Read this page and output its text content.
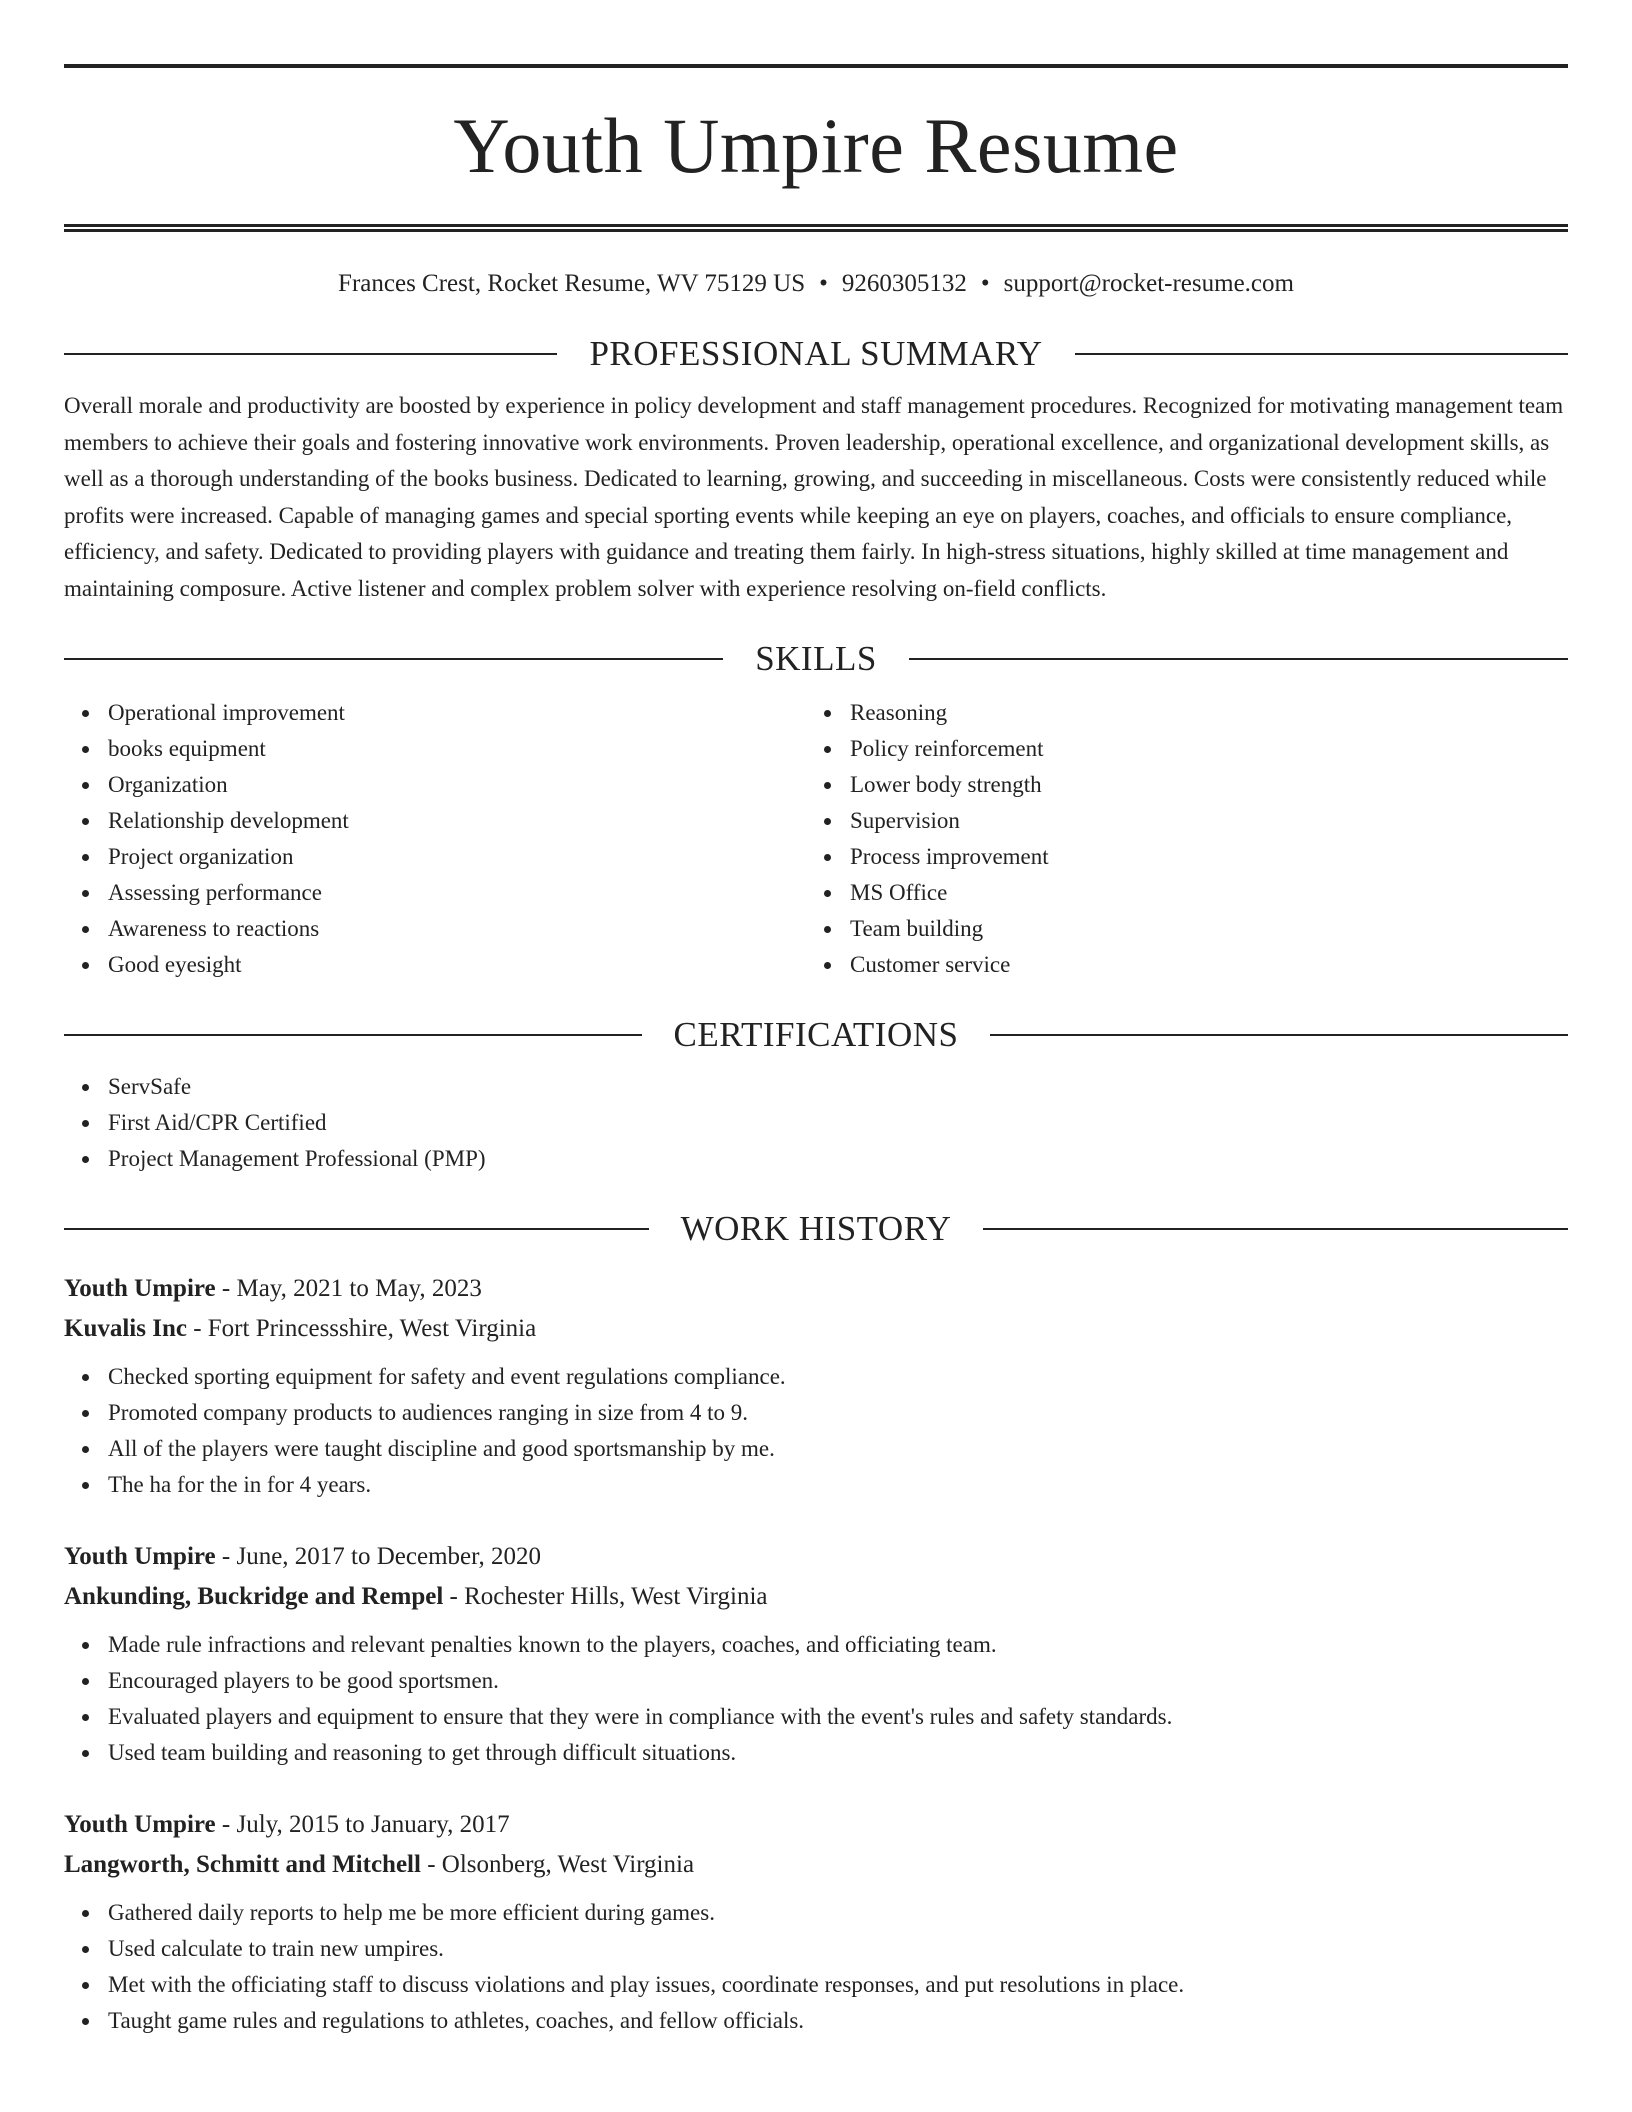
Youth Umpire Resume
Frances Crest, Rocket Resume, WV 75129 US • 9260305132 • support@rocket-resume.com
PROFESSIONAL SUMMARY

Overall morale and productivity are boosted by experience in policy development and staff management procedures. Recognized for motivating management team members to achieve their goals and fostering innovative work environments. Proven leadership, operational excellence, and organizational development skills, as well as a thorough understanding of the books business. Dedicated to learning, growing, and succeeding in miscellaneous. Costs were consistently reduced while profits were increased. Capable of managing games and special sporting events while keeping an eye on players, coaches, and officials to ensure compliance, efficiency, and safety. Dedicated to providing players with guidance and treating them fairly. In high-stress situations, highly skilled at time management and maintaining composure. Active listener and complex problem solver with experience resolving on-field conflicts.

SKILLS
Operational improvement
books equipment
Organization
Relationship development
Project organization
Assessing performance
Awareness to reactions
Good eyesight
Reasoning
Policy reinforcement
Lower body strength
Supervision
Process improvement
MS Office
Team building
Customer service
CERTIFICATIONS
ServSafe
First Aid/CPR Certified
Project Management Professional (PMP)
WORK HISTORY
Youth Umpire - May, 2021 to May, 2023
Kuvalis Inc - Fort Princessshire, West Virginia
Checked sporting equipment for safety and event regulations compliance.
Promoted company products to audiences ranging in size from 4 to 9.
All of the players were taught discipline and good sportsmanship by me.
The ha for the in for 4 years.
Youth Umpire - June, 2017 to December, 2020
Ankunding, Buckridge and Rempel - Rochester Hills, West Virginia
Made rule infractions and relevant penalties known to the players, coaches, and officiating team.
Encouraged players to be good sportsmen.
Evaluated players and equipment to ensure that they were in compliance with the event's rules and safety standards.
Used team building and reasoning to get through difficult situations.
Youth Umpire - July, 2015 to January, 2017
Langworth, Schmitt and Mitchell - Olsonberg, West Virginia
Gathered daily reports to help me be more efficient during games.
Used calculate to train new umpires.
Met with the officiating staff to discuss violations and play issues, coordinate responses, and put resolutions in place.
Taught game rules and regulations to athletes, coaches, and fellow officials.
